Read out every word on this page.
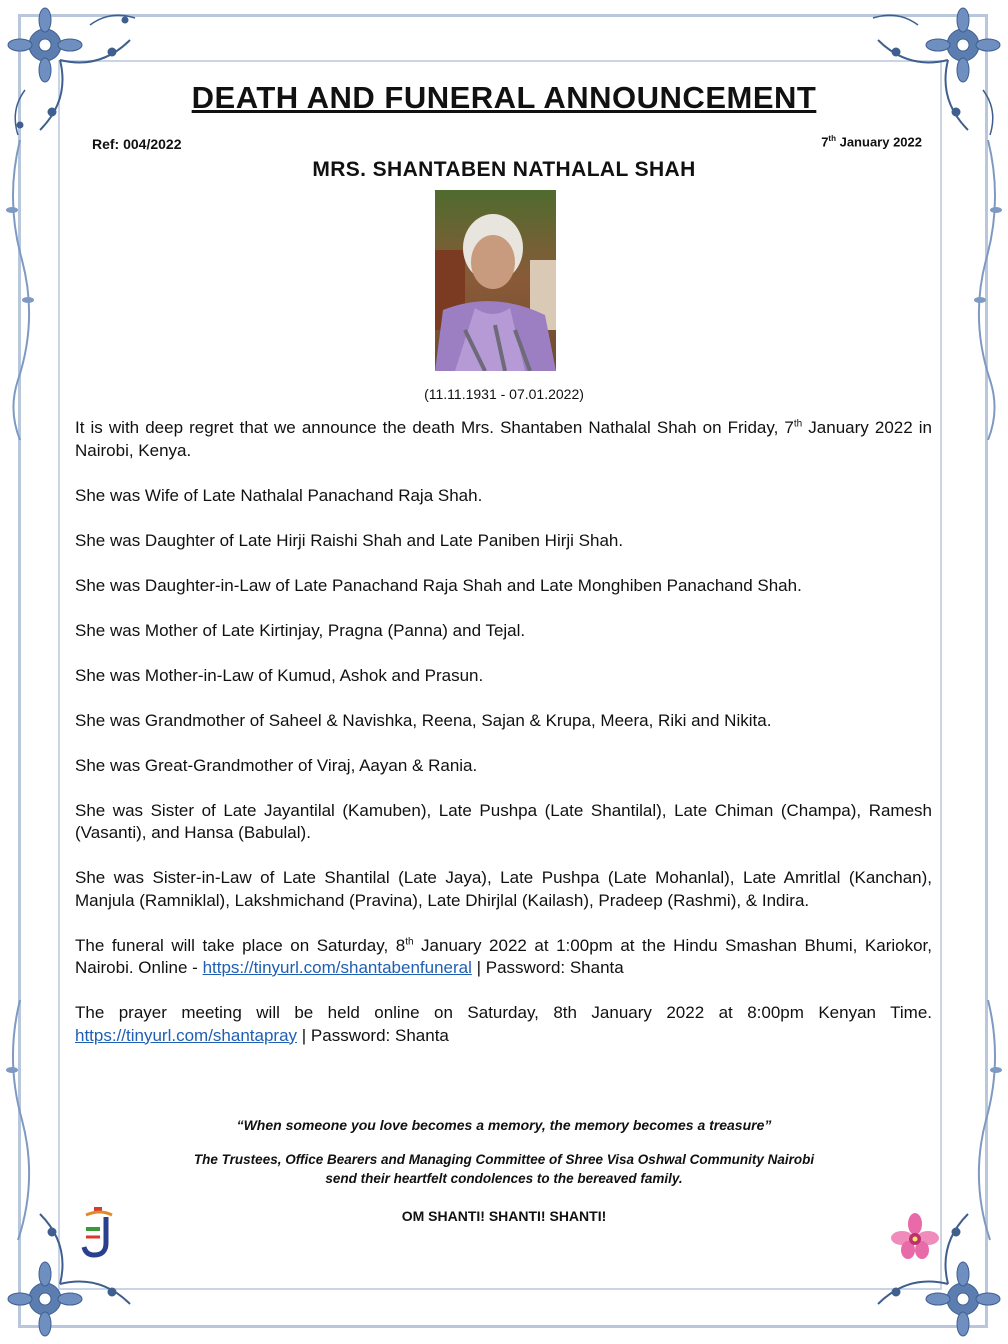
DEATH AND FUNERAL ANNOUNCEMENT
Ref: 004/2022	7th January 2022
MRS. SHANTABEN NATHALAL SHAH
(11.11.1931 - 07.01.2022)

It is with deep regret that we announce the death Mrs. Shantaben Nathalal Shah on Friday, 7th January 2022 in Nairobi, Kenya.

She was Wife of Late Nathalal Panachand Raja Shah.

She was Daughter of Late Hirji Raishi Shah and Late Paniben Hirji Shah.

She was Daughter-in-Law of Late Panachand Raja Shah and Late Monghiben Panachand Shah.

She was Mother of Late Kirtinjay, Pragna (Panna) and Tejal.

She was Mother-in-Law of Kumud, Ashok and Prasun.

She was Grandmother of Saheel & Navishka, Reena, Sajan & Krupa, Meera, Riki and Nikita.

She was Great-Grandmother of Viraj, Aayan & Rania.

She was Sister of Late Jayantilal (Kamuben), Late Pushpa (Late Shantilal), Late Chiman (Champa), Ramesh (Vasanti), and Hansa (Babulal).

She was Sister-in-Law of Late Shantilal (Late Jaya), Late Pushpa (Late Mohanlal), Late Amritlal (Kanchan), Manjula (Ramniklal), Lakshmichand (Pravina), Late Dhirjlal (Kailash), Pradeep (Rashmi), & Indira.

The funeral will take place on Saturday, 8th January 2022 at 1:00pm at the Hindu Smashan Bhumi, Kariokor, Nairobi. Online - https://tinyurl.com/shantabenfuneral | Password: Shanta

The prayer meeting will be held online on Saturday, 8th January 2022 at 8:00pm Kenyan Time. https://tinyurl.com/shantapray | Password: Shanta

“When someone you love becomes a memory, the memory becomes a treasure”
The Trustees, Office Bearers and Managing Committee of Shree Visa Oshwal Community Nairobi
send their heartfelt condolences to the bereaved family.
OM SHANTI! SHANTI! SHANTI!
